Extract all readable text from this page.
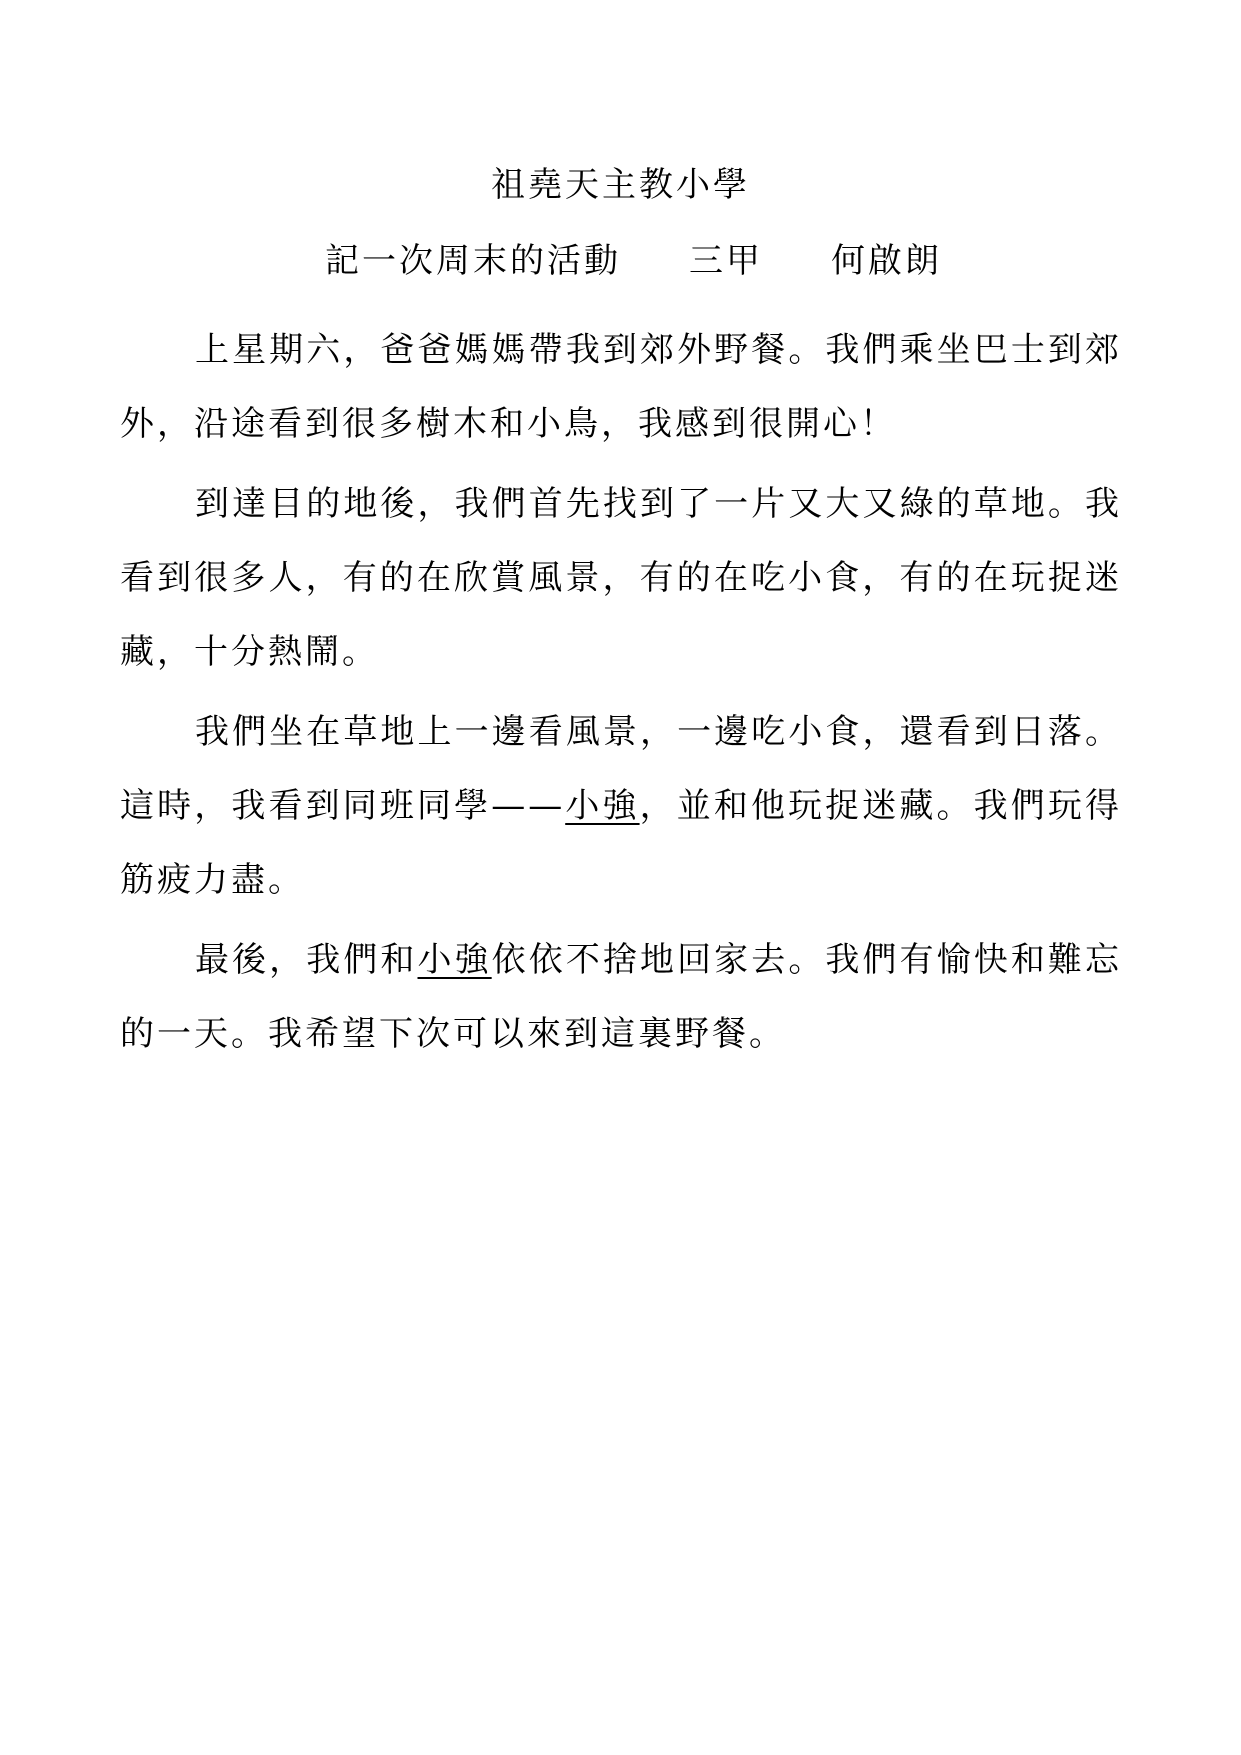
祖堯天主教小學
記一次周末的活動 三甲 何啟朗

上星期六，爸爸媽媽帶我到郊外野餐。我們乘坐巴士到郊外，沿途看到很多樹木和小鳥，我感到很開心！

到達目的地後，我們首先找到了一片又大又綠的草地。我看到很多人，有的在欣賞風景，有的在吃小食，有的在玩捉迷藏，十分熱鬧。

我們坐在草地上一邊看風景，一邊吃小食，還看到日落。這時，我看到同班同學——小強，並和他玩捉迷藏。我們玩得筋疲力盡。

最後，我們和小強依依不捨地回家去。我們有愉快和難忘的一天。我希望下次可以來到這裏野餐。
